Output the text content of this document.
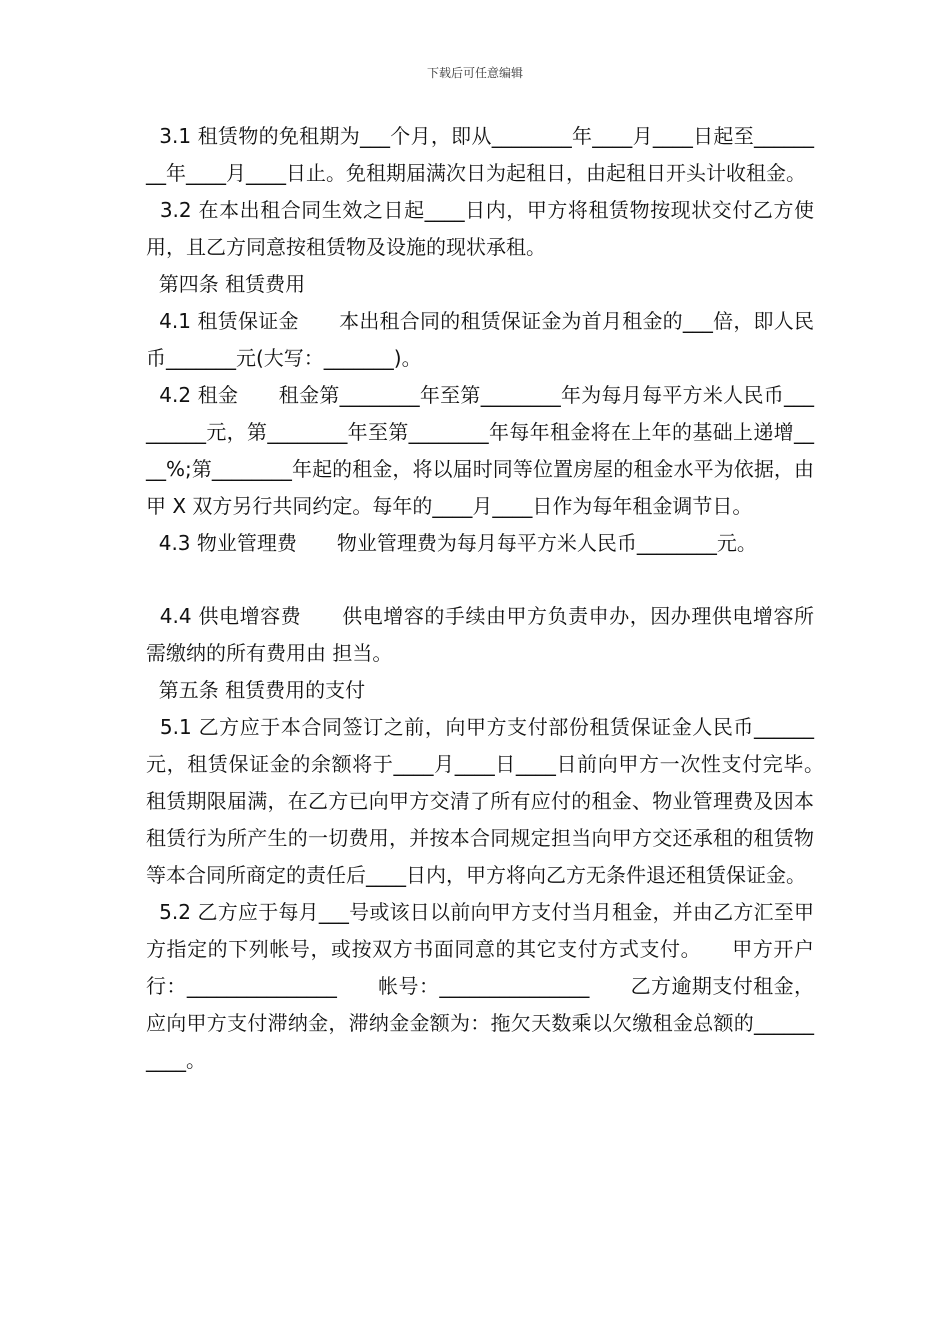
下载后可任意编辑

3.1 租赁物的免租期为___个月，即从________年____月____日起至________年____月____日止。免租期届满次日为起租日，由起租日开头计收租金。

3.2 在本出租合同生效之日起____日内，甲方将租赁物按现状交付乙方使用，且乙方同意按租赁物及设施的现状承租。

第四条 租赁费用

4.1 租赁保证金　　本出租合同的租赁保证金为首月租金的___倍，即人民币_______元(大写：_______)。

4.2 租金　　租金第________年至第________年为每月每平方米人民币_________元，第________年至第________年每年租金将在上年的基础上递增____%;第________年起的租金，将以届时同等位置房屋的租金水平为依据，由甲 X 双方另行共同约定。每年的____月____日作为每年租金调节日。

4.3 物业管理费　　物业管理费为每月每平方米人民币________元。

4.4 供电增容费　　供电增容的手续由甲方负责申办，因办理供电增容所需缴纳的所有费用由 担当。

第五条 租赁费用的支付

5.1 乙方应于本合同签订之前，向甲方支付部份租赁保证金人民币______元，租赁保证金的余额将于____月____日____日前向甲方一次性支付完毕。　　租赁期限届满，在乙方已向甲方交清了所有应付的租金、物业管理费及因本租赁行为所产生的一切费用，并按本合同规定担当向甲方交还承租的租赁物等本合同所商定的责任后____日内，甲方将向乙方无条件退还租赁保证金。

5.2 乙方应于每月___号或该日以前向甲方支付当月租金，并由乙方汇至甲方指定的下列帐号，或按双方书面同意的其它支付方式支付。　　甲方开户行：_______________　　帐号：_______________　　乙方逾期支付租金，应向甲方支付滞纳金，滞纳金金额为：拖欠天数乘以欠缴租金总额的__________。
